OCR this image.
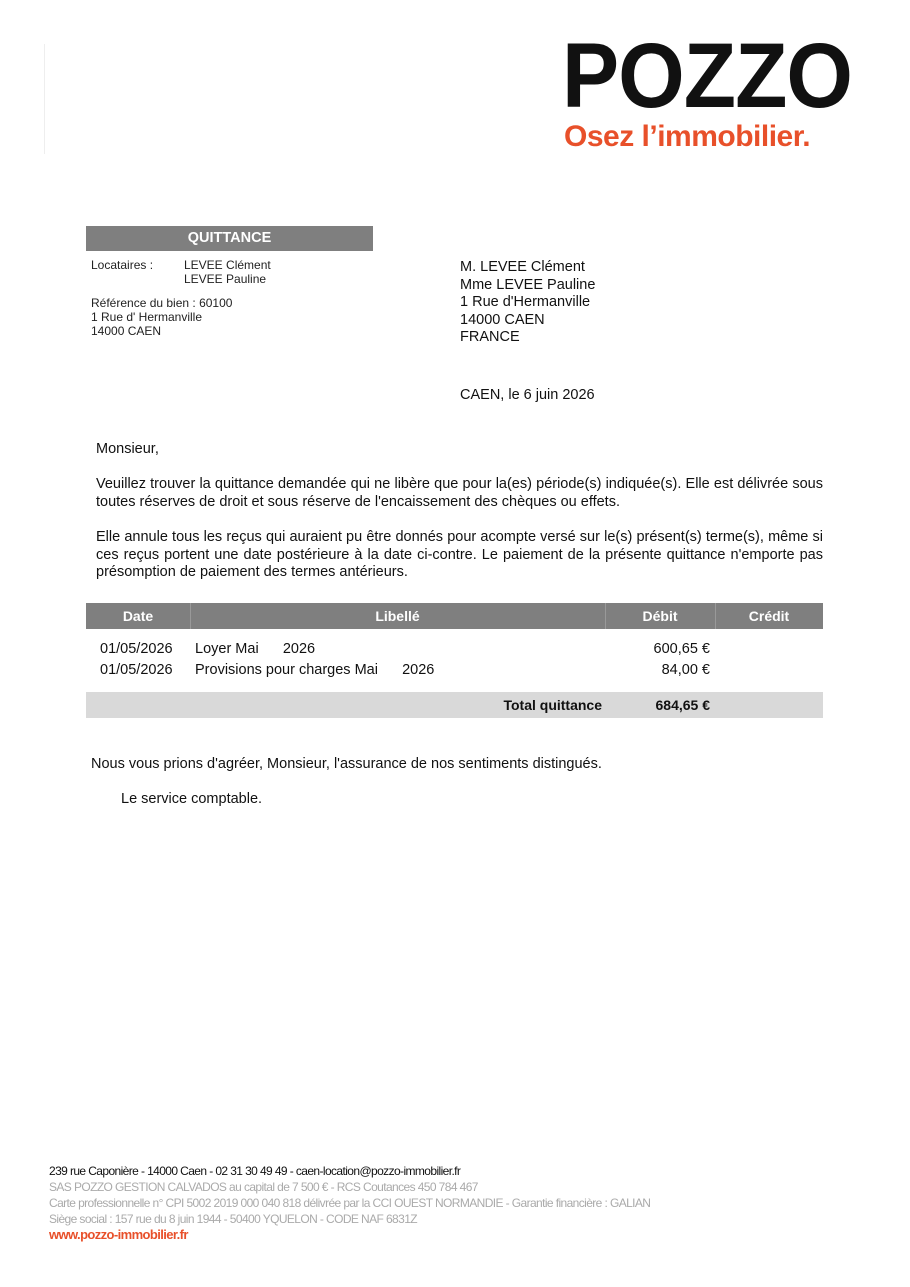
POZZO
Osez l’immobilier.
QUITTANCE
Locataires :	LEVEE Clément
LEVEE Pauline
Référence du bien : 60100
1 Rue d' Hermanville
14000 CAEN
M. LEVEE Clément
Mme LEVEE Pauline
1 Rue d'Hermanville
14000 CAEN
FRANCE
CAEN, le 6 juin 2026
Monsieur,
Veuillez trouver la quittance demandée qui ne libère que pour la(es) période(s) indiquée(s). Elle est délivrée sous toutes réserves de droit et sous réserve de l'encaissement des chèques ou effets.
Elle annule tous les reçus qui auraient pu être donnés pour acompte versé sur le(s) présent(s) terme(s), même si ces reçus portent une date postérieure à la date ci-contre. Le paiement de la présente quittance n'emporte pas présomption de paiement des termes antérieurs.
Date	Libellé	Débit	Crédit
01/05/2026 Loyer Mai      2026	600,65 €
01/05/2026 Provisions pour charges Mai      2026	84,00 €
Total quittance	684,65 €
Nous vous prions d'agréer, Monsieur, l'assurance de nos sentiments distingués.
Le service comptable.
239 rue Caponière - 14000 Caen - 02 31 30 49 49 - caen-location@pozzo-immobilier.fr
SAS POZZO GESTION CALVADOS au capital de 7 500 € - RCS Coutances 450 784 467
Carte professionnelle n° CPI 5002 2019 000 040 818 délivrée par la CCI OUEST NORMANDIE - Garantie financière : GALIAN
Siège social : 157 rue du 8 juin 1944 - 50400 YQUELON - CODE NAF 6831Z
www.pozzo-immobilier.fr
